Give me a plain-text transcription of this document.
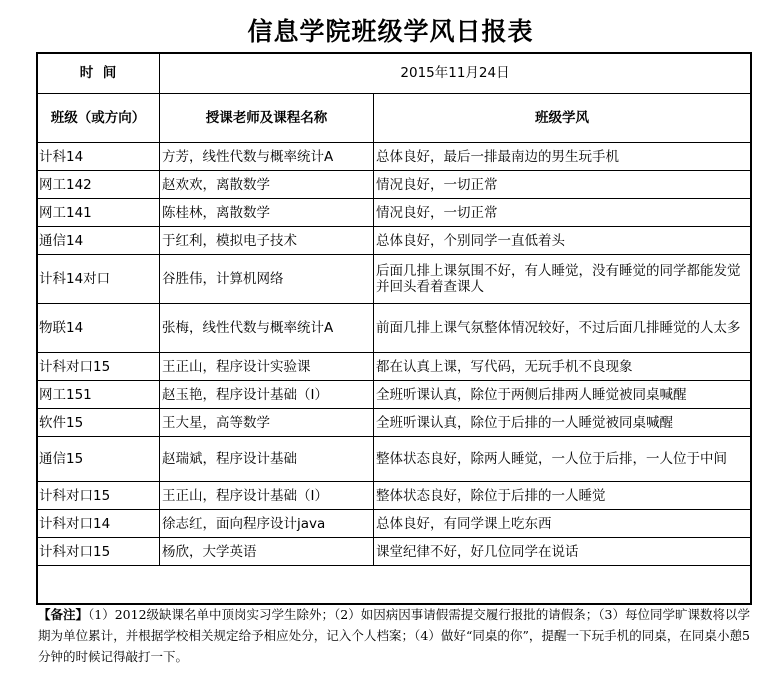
信息学院班级学风日报表
时  间	2015年11月24日	
班级（或方向）	授课老师及课程名称	班级学风
计科14	方芳，线性代数与概率统计A	总体良好，最后一排最南边的男生玩手机
网工142	赵欢欢，离散数学	情况良好，一切正常
网工141	陈桂林，离散数学	情况良好，一切正常
通信14	于红利，模拟电子技术	总体良好，个别同学一直低着头
计科14对口	谷胜伟，计算机网络	后面几排上课氛围不好，有人睡觉，没有睡觉的同学都能发觉并回头看着查课人
物联14	张梅，线性代数与概率统计A	前面几排上课气氛整体情况较好，不过后面几排睡觉的人太多
计科对口15	王正山，程序设计实验课	都在认真上课，写代码，无玩手机不良现象
网工151	赵玉艳，程序设计基础（I）	全班听课认真，除位于两侧后排两人睡觉被同桌喊醒
软件15	王大星，高等数学	全班听课认真，除位于后排的一人睡觉被同桌喊醒
通信15	赵瑞斌，程序设计基础	整体状态良好，除两人睡觉，一人位于后排，一人位于中间
计科对口15	王正山，程序设计基础（I）	整体状态良好，除位于后排的一人睡觉
计科对口14	徐志红，面向程序设计java	总体良好，有同学课上吃东西
计科对口15	杨欣，大学英语	课堂纪律不好，好几位同学在说话
【备注】（1）2012级缺课名单中顶岗实习学生除外；（2）如因病因事请假需提交履行报批的请假条；（3）每位同学旷课数将以学期为单位累计，并根据学校相关规定给予相应处分，记入个人档案；（4）做好“同桌的你”，提醒一下玩手机的同桌，在同桌小憩5分钟的时候记得敲打一下。
